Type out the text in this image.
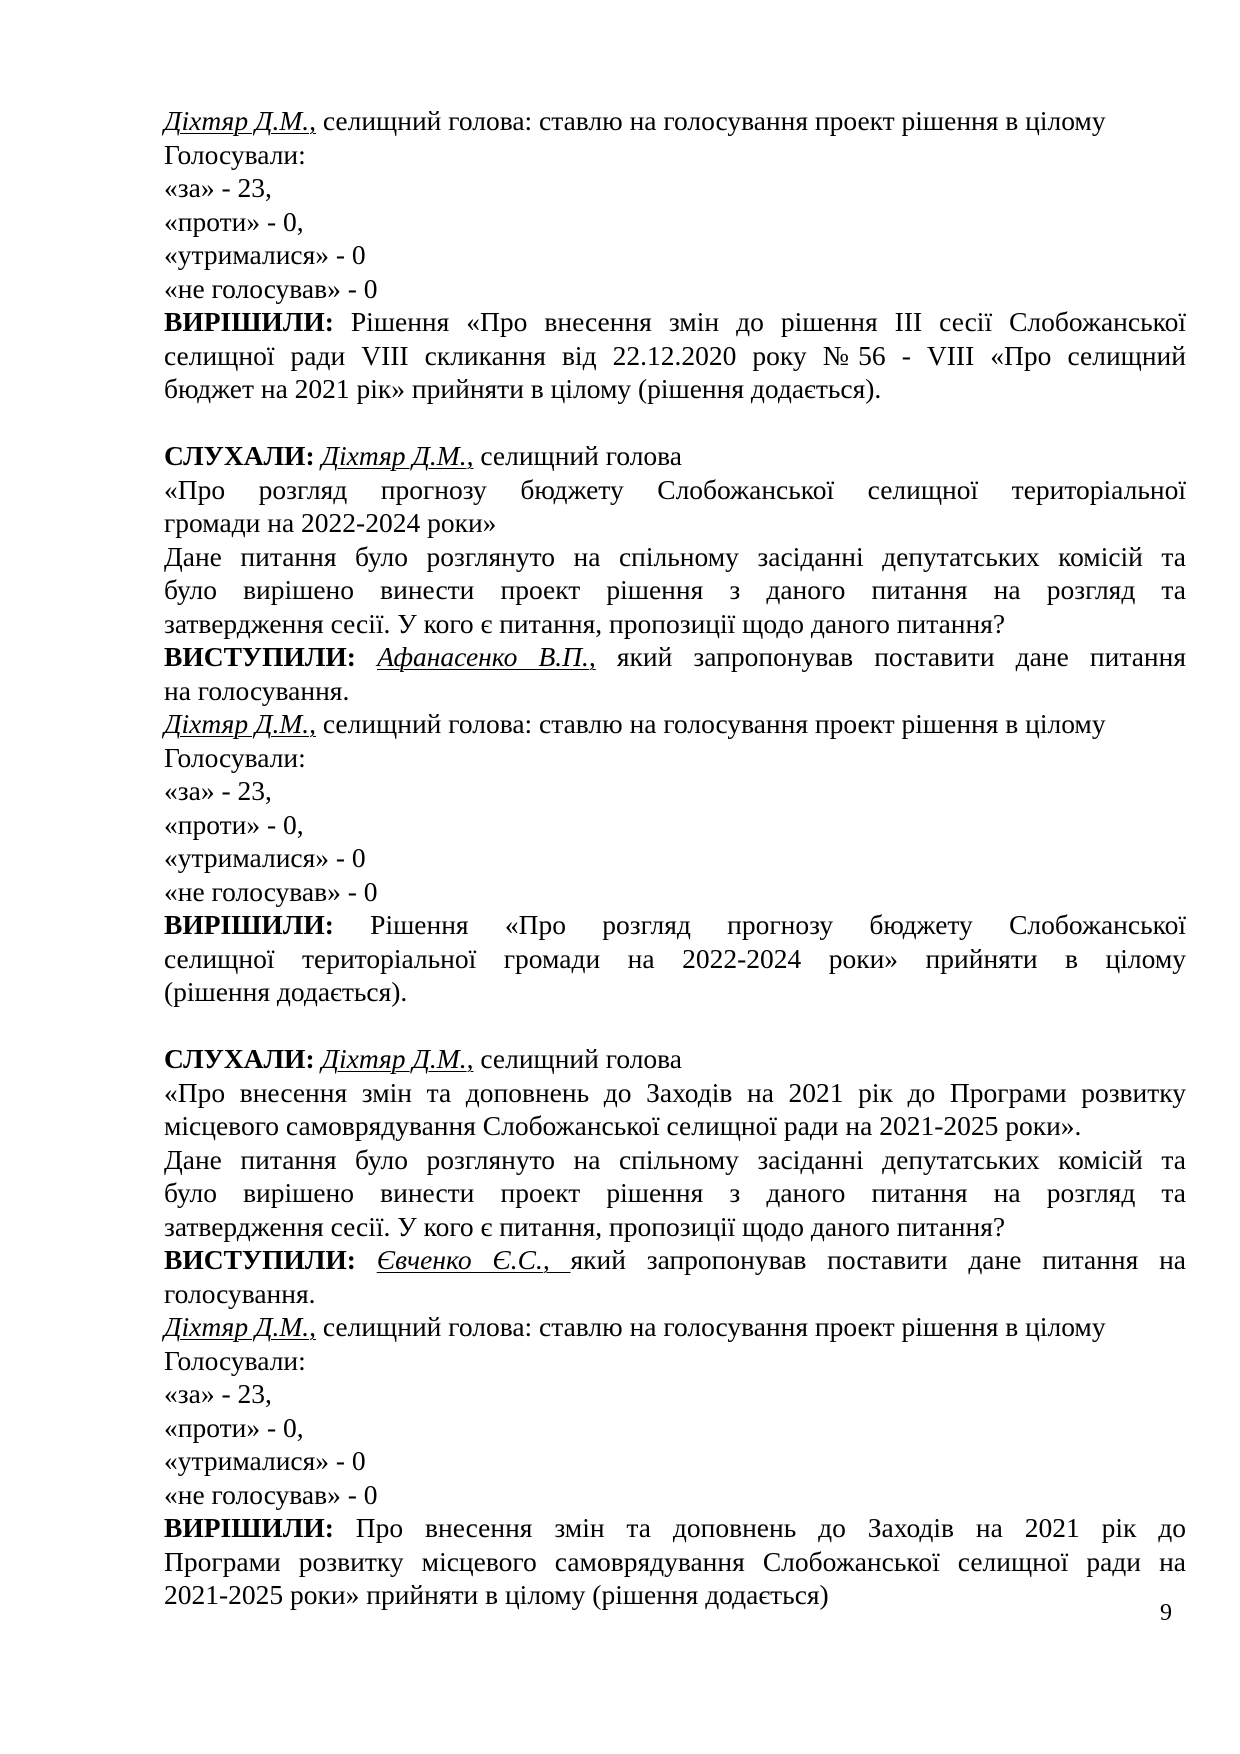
Діхтяр Д.М., селищний голова: ставлю на голосування проект рішення в цілому
Голосували:
«за» - 23,
«проти» - 0,
«утрималися» - 0
«не голосував» - 0
ВИРІШИЛИ: Рішення «Про внесення змін до рішення ІІІ сесії Слобожанської
селищної ради VIII скликання від 22.12.2020 року №56 - VIII «Про селищний
бюджет на 2021 рік» прийняти в цілому (рішення додається).
СЛУХАЛИ: Діхтяр Д.М., селищний голова
«Про розгляд прогнозу бюджету Слобожанської селищної територіальної
громади на 2022-2024 роки»
Дане питання було розглянуто на спільному засіданні депутатських комісій та
було вирішено винести проект рішення з даного питання на розгляд та
затвердження сесії. У кого є питання, пропозиції щодо даного питання?
ВИСТУПИЛИ: Афанасенко В.П., який запропонував поставити дане питання
на голосування.
Діхтяр Д.М., селищний голова: ставлю на голосування проект рішення в цілому
Голосували:
«за» - 23,
«проти» - 0,
«утрималися» - 0
«не голосував» - 0
ВИРІШИЛИ: Рішення «Про розгляд прогнозу бюджету Слобожанської
селищної територіальної громади на 2022-2024 роки» прийняти в цілому
(рішення додається).
СЛУХАЛИ: Діхтяр Д.М., селищний голова
«Про внесення змін та доповнень до Заходів на 2021 рік до Програми розвитку
місцевого самоврядування Слобожанської селищної ради на 2021-2025 роки».
Дане питання було розглянуто на спільному засіданні депутатських комісій та
було вирішено винести проект рішення з даного питання на розгляд та
затвердження сесії. У кого є питання, пропозиції щодо даного питання?
ВИСТУПИЛИ: Євченко Є.С., який запропонував поставити дане питання на
голосування.
Діхтяр Д.М., селищний голова: ставлю на голосування проект рішення в цілому
Голосували:
«за» - 23,
«проти» - 0,
«утрималися» - 0
«не голосував» - 0
ВИРІШИЛИ: Про внесення змін та доповнень до Заходів на 2021 рік до
Програми розвитку місцевого самоврядування Слобожанської селищної ради на
2021-2025 роки» прийняти в цілому (рішення додається)
9
